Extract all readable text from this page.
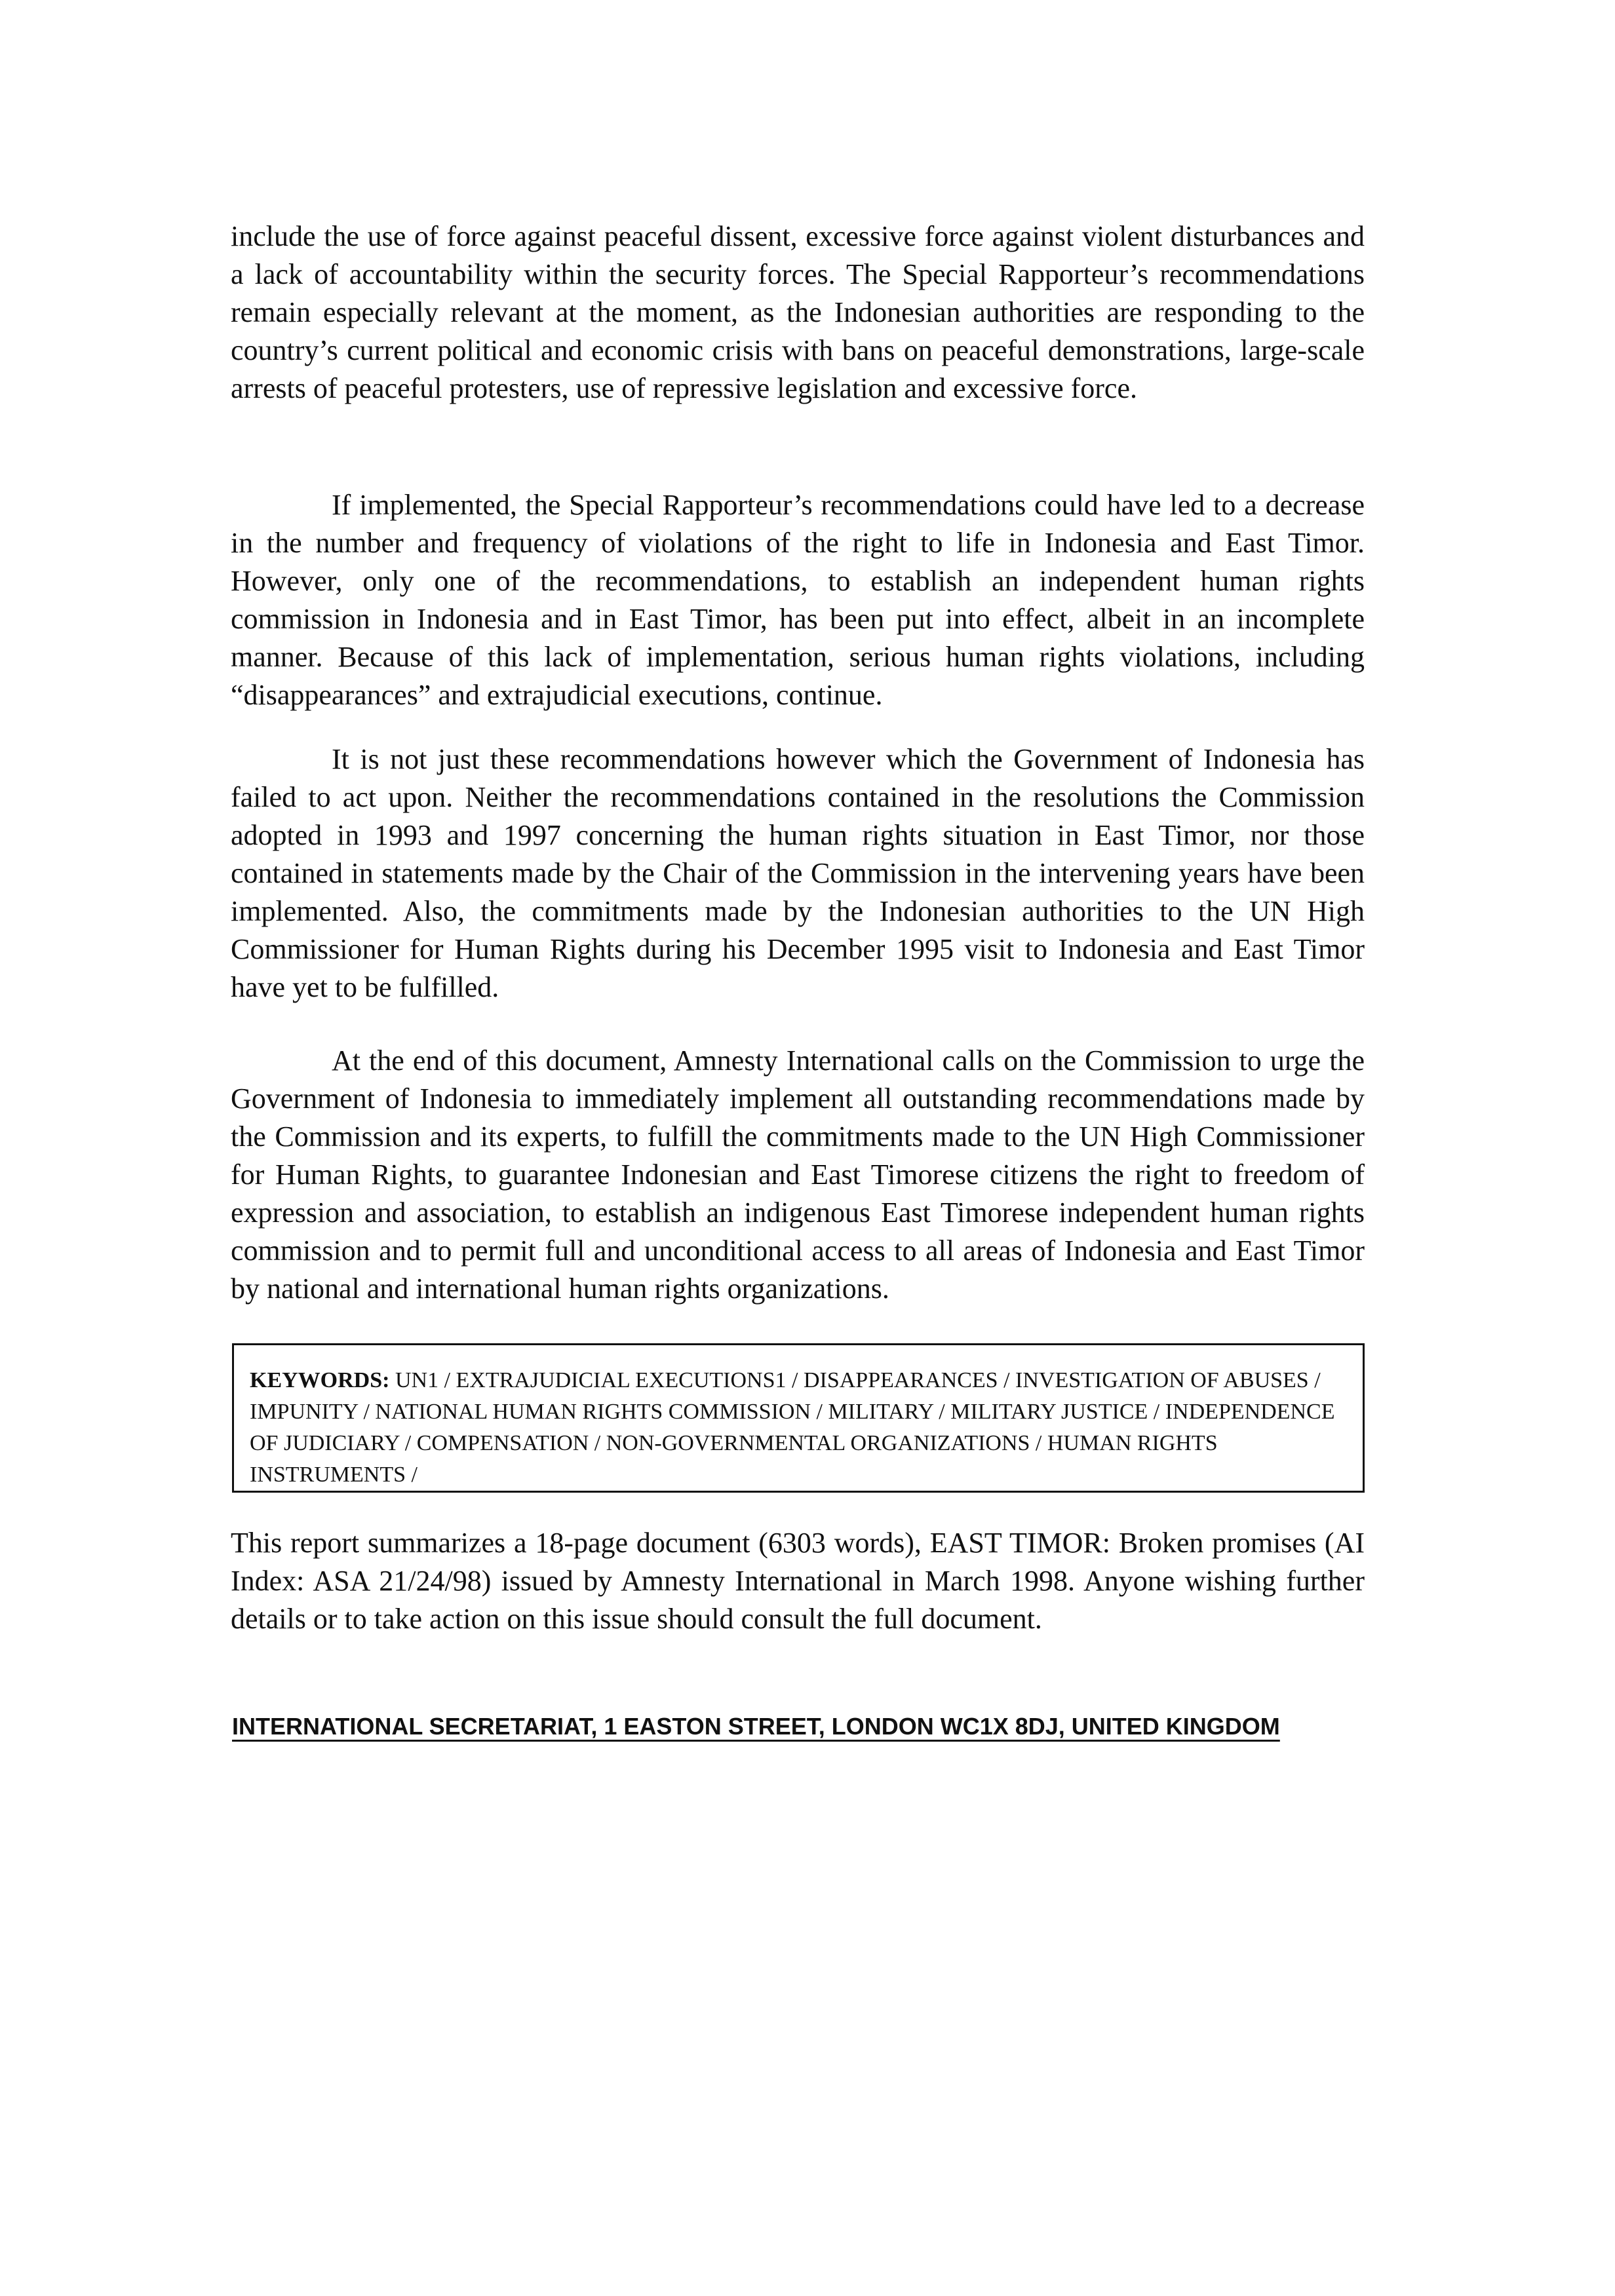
include the use of force against peaceful dissent, excessive force against violent disturbances and a lack of accountability within the security forces. The Special Rapporteur’s recommendations remain especially relevant at the moment, as the Indonesian authorities are responding to the country’s current political and economic crisis with bans on peaceful demonstrations, large-scale arrests of peaceful protesters, use of repressive legislation and excessive force.

If implemented, the Special Rapporteur’s recommendations could have led to a decrease in the number and frequency of violations of the right to life in Indonesia and East Timor. However, only one of the recommendations, to establish an independent human rights commission in Indonesia and in East Timor, has been put into effect, albeit in an incomplete manner. Because of this lack of implementation, serious human rights violations, including “disappearances” and extrajudicial executions, continue.

It is not just these recommendations however which the Government of Indonesia has failed to act upon. Neither the recommendations contained in the resolutions the Commission adopted in 1993 and 1997 concerning the human rights situation in East Timor, nor those contained in statements made by the Chair of the Commission in the intervening years have been implemented. Also, the commitments made by the Indonesian authorities to the UN High Commissioner for Human Rights during his December 1995 visit to Indonesia and East Timor have yet to be fulfilled.

At the end of this document, Amnesty International calls on the Commission to urge the Government of Indonesia to immediately implement all outstanding recommendations made by the Commission and its experts, to fulfill the commitments made to the UN High Commissioner for Human Rights, to guarantee Indonesian and East Timorese citizens the right to freedom of expression and association, to establish an indigenous East Timorese independent human rights commission and to permit full and unconditional access to all areas of Indonesia and East Timor by national and international human rights organizations.

KEYWORDS: UN1 / EXTRAJUDICIAL EXECUTIONS1 / DISAPPEARANCES / INVESTIGATION OF ABUSES / IMPUNITY / NATIONAL HUMAN RIGHTS COMMISSION / MILITARY / MILITARY JUSTICE / INDEPENDENCE OF JUDICIARY / COMPENSATION / NON-GOVERNMENTAL ORGANIZATIONS / HUMAN RIGHTS INSTRUMENTS /

This report summarizes a 18-page document (6303 words), EAST TIMOR: Broken promises (AI Index: ASA 21/24/98) issued by Amnesty International in March 1998. Anyone wishing further details or to take action on this issue should consult the full document.

INTERNATIONAL SECRETARIAT, 1 EASTON STREET, LONDON WC1X 8DJ, UNITED KINGDOM
